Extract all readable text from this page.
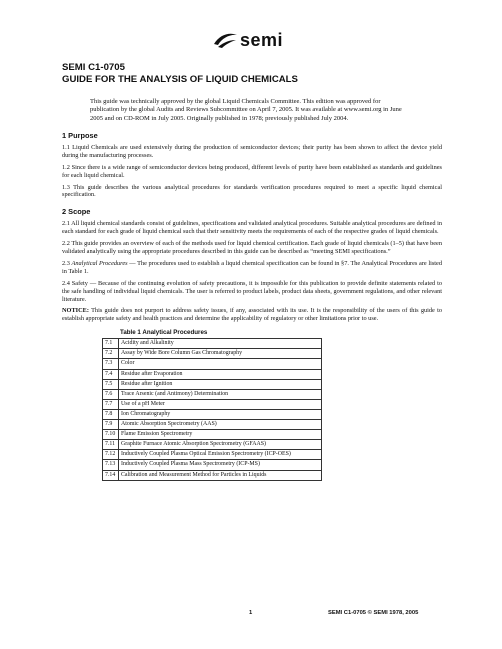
semi

SEMI C1-0705

GUIDE FOR THE ANALYSIS OF LIQUID CHEMICALS

This guide was technically approved by the global Liquid Chemicals Committee. This edition was approved for publication by the global Audits and Reviews Subcommittee on April 7, 2005. It was available at www.semi.org in June 2005 and on CD-ROM in July 2005. Originally published in 1978; previously published July 2004.

1 Purpose

1.1 Liquid Chemicals are used extensively during the production of semiconductor devices; their purity has been shown to affect the device yield during the manufacturing processes.

1.2 Since there is a wide range of semiconductor devices being produced, different levels of purity have been established as standards and guidelines for each liquid chemical.

1.3 This guide describes the various analytical procedures for standards verification procedures required to meet a specific liquid chemical specification.

2 Scope

2.1 All liquid chemical standards consist of guidelines, specifications and validated analytical procedures. Suitable analytical procedures are defined in each standard for each grade of liquid chemical such that their sensitivity meets the requirements of each of the respective grades of liquid chemicals.

2.2 This guide provides an overview of each of the methods used for liquid chemical certification. Each grade of liquid chemicals (1–5) that have been validated analytically using the appropriate procedures described in this guide can be described as “meeting SEMI specifications.”

2.3 Analytical Procedures — The procedures used to establish a liquid chemical specification can be found in §7. The Analytical Procedures are listed in Table 1.

2.4 Safety — Because of the continuing evolution of safety precautions, it is impossible for this publication to provide definite statements related to the safe handling of individual liquid chemicals. The user is referred to product labels, product data sheets, government regulations, and other relevant literature.

NOTICE: This guide does not purport to address safety issues, if any, associated with its use. It is the responsibility of the users of this guide to establish appropriate safety and health practices and determine the applicability of regulatory or other limitations prior to use.

Table 1 Analytical Procedures
7.1	Acidity and Alkalinity
7.2	Assay by Wide Bore Column Gas Chromatography
7.3	Color
7.4	Residue after Evaporation
7.5	Residue after Ignition
7.6	Trace Arsenic (and Antimony) Determination
7.7	Use of a pH Meter
7.8	Ion Chromatography
7.9	Atomic Absorption Spectrometry (AAS)
7.10	Flame Emission Spectrometry
7.11	Graphite Furnace Atomic Absorption Spectrometry (GFAAS)
7.12	Inductively Coupled Plasma Optical Emission Spectrometry (ICP-OES)
7.13	Inductively Coupled Plasma Mass Spectrometry (ICP-MS)
7.14	Calibration and Measurement Method for Particles in Liquids
1	SEMI C1-0705 © SEMI 1978, 2005
